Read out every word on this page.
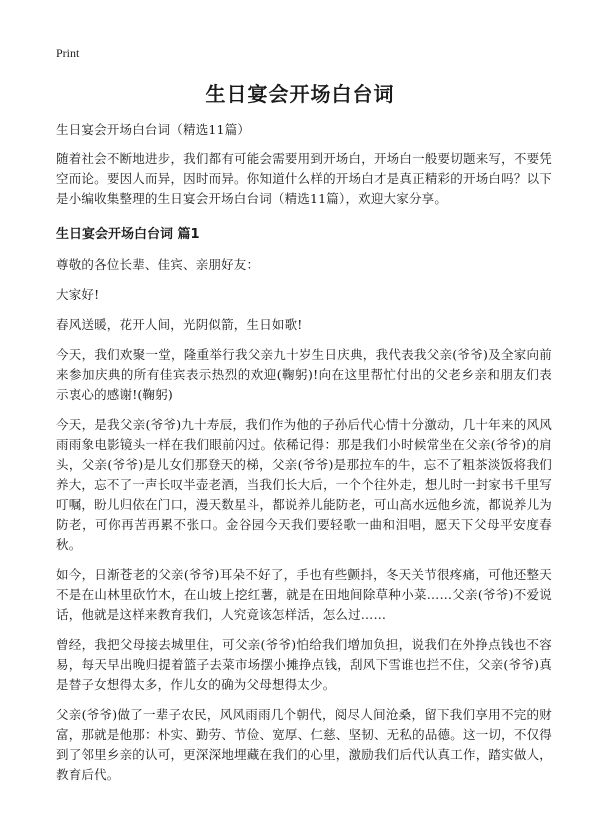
Print
生日宴会开场白台词

生日宴会开场白台词（精选11篇）

随着社会不断地进步，我们都有可能会需要用到开场白，开场白一般要切题来写，不要凭空而论。要因人而异，因时而异。你知道什么样的开场白才是真正精彩的开场白吗？以下是小编收集整理的生日宴会开场白台词（精选11篇），欢迎大家分享。

生日宴会开场白台词 篇1

尊敬的各位长辈、佳宾、亲朋好友：

大家好!

春风送暖，花开人间，光阴似箭，生日如歌!

今天，我们欢聚一堂，隆重举行我父亲九十岁生日庆典，我代表我父亲(爷爷)及全家向前来参加庆典的所有佳宾表示热烈的欢迎(鞠躬)!向在这里帮忙付出的父老乡亲和朋友们表示衷心的感谢!(鞠躬)

今天，是我父亲(爷爷)九十寿辰，我们作为他的子孙后代心情十分激动，几十年来的风风雨雨象电影镜头一样在我们眼前闪过。依稀记得：那是我们小时候常坐在父亲(爷爷)的肩头，父亲(爷爷)是儿女们那登天的梯，父亲(爷爷)是那拉车的牛，忘不了粗茶淡饭将我们养大，忘不了一声长叹半壶老酒，当我们长大后，一个个往外走，想儿时一封家书千里写叮嘱，盼儿归依在门口，漫天数星斗，都说养儿能防老，可山高水远他乡流，都说养儿为防老，可你再苦再累不张口。金谷园今天我们要轻歌一曲和泪唱，愿天下父母平安度春秋。

如今，日渐苍老的父亲(爷爷)耳朵不好了，手也有些颤抖，冬天关节很疼痛，可他还整天不是在山林里砍竹木，在山坡上挖红薯，就是在田地间除草种小菜……父亲(爷爷)不爱说话，他就是这样来教育我们，人究竟该怎样活，怎么过……

曾经，我把父母接去城里住，可父亲(爷爷)怕给我们增加负担，说我们在外挣点钱也不容易，每天早出晚归提着篮子去菜市场摆小摊挣点钱，刮风下雪谁也拦不住，父亲(爷爷)真是替子女想得太多，作儿女的确为父母想得太少。

父亲(爷爷)做了一辈子农民，风风雨雨几个朝代，阅尽人间沧桑，留下我们享用不完的财富，那就是他那：朴实、勤劳、节俭、宽厚、仁慈、坚韧、无私的品德。这一切，不仅得到了邻里乡亲的认可，更深深地埋藏在我们的心里，激励我们后代认真工作，踏实做人，教育后代。
